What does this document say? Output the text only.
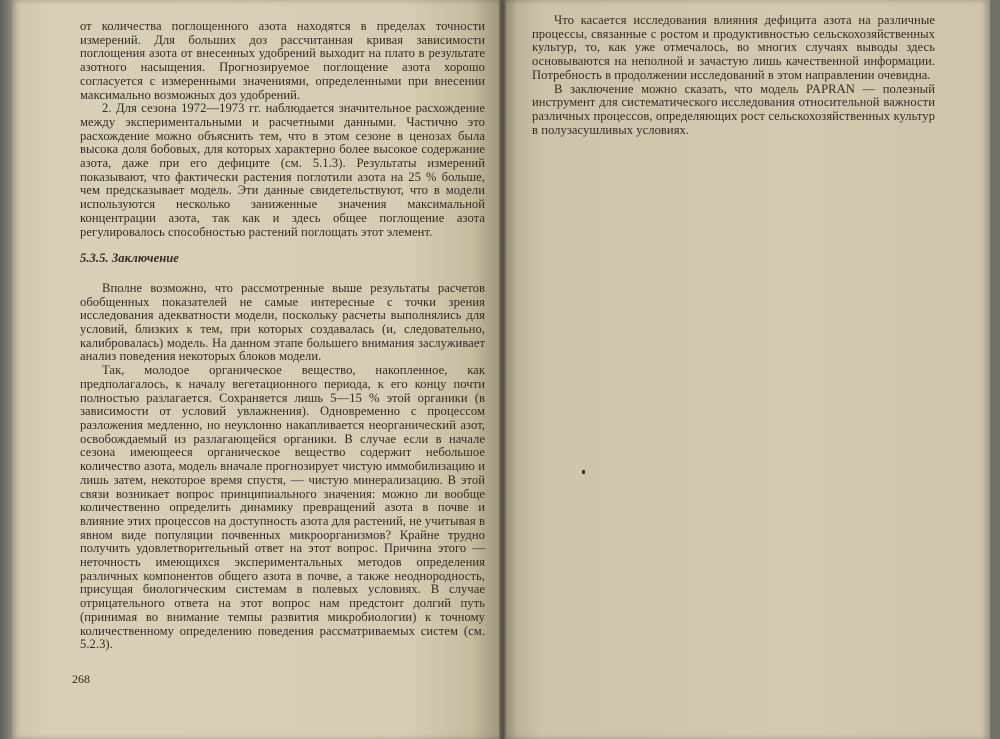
от количества поглощенного азота находятся в пределах точности измерений. Для больших доз рассчитанная кривая зависимости поглощения азота от внесенных удобрений выходит на плато в результате азотного насыщения. Прогнозируемое поглощение азота хорошо согласуется с измеренными значениями, определенными при внесении максимально возможных доз удобрений.

2. Для сезона 1972—1973 гг. наблюдается значительное расхождение между экспериментальными и расчетными данными. Частично это расхождение можно объяснить тем, что в этом сезоне в ценозах была высока доля бобовых, для которых характерно более высокое содержание азота, даже при его дефиците (см. 5.1.3). Результаты измерений показывают, что фактически растения поглотили азота на 25 % больше, чем предсказывает модель. Эти данные свидетельствуют, что в модели используются несколько заниженные значения максимальной концентрации азота, так как и здесь общее поглощение азота регулировалось способностью растений поглощать этот элемент.

5.3.5. Заключение

Вполне возможно, что рассмотренные выше результаты расчетов обобщенных показателей не самые интересные с точки зрения исследования адекватности модели, поскольку расчеты выполнялись для условий, близких к тем, при которых создавалась (и, следовательно, калибровалась) модель. На данном этапе большего внимания заслуживает анализ поведения некоторых блоков модели.

Так, молодое органическое вещество, накопленное, как предполагалось, к началу вегетационного периода, к его концу почти полностью разлагается. Сохраняется лишь 5—15 % этой органики (в зависимости от условий увлажнения). Одновременно с процессом разложения медленно, но неуклонно накапливается неорганический азот, освобождаемый из разлагающейся органики. В случае если в начале сезона имеющееся органическое вещество содержит небольшое количество азота, модель вначале прогнозирует чистую иммобилизацию и лишь затем, некоторое время спустя, — чистую минерализацию. В этой связи возникает вопрос принципиального значения: можно ли вообще количественно определить динамику превращений азота в почве и влияние этих процессов на доступность азота для растений, не учитывая в явном виде популяции почвенных микроорганизмов? Крайне трудно получить удовлетворительный ответ на этот вопрос. Причина этого — неточность имеющихся экспериментальных методов определения различных компонентов общего азота в почве, а также неоднородность, присущая биологическим системам в полевых условиях. В случае отрицательного ответа на этот вопрос нам предстоит долгий путь (принимая во внимание темпы развития микробиологии) к точному количественному определению поведения рассматриваемых систем (см. 5.2.3).

268

Что касается исследования влияния дефицита азота на различные процессы, связанные с ростом и продуктивностью сельскохозяйственных культур, то, как уже отмечалось, во многих случаях выводы здесь основываются на неполной и зачастую лишь качественной информации. Потребность в продолжении исследований в этом направлении очевидна.

В заключение можно сказать, что модель PAPRAN — полезный инструмент для систематического исследования относительной важности различных процессов, определяющих рост сельскохозяйственных культур в полузасушливых условиях.
